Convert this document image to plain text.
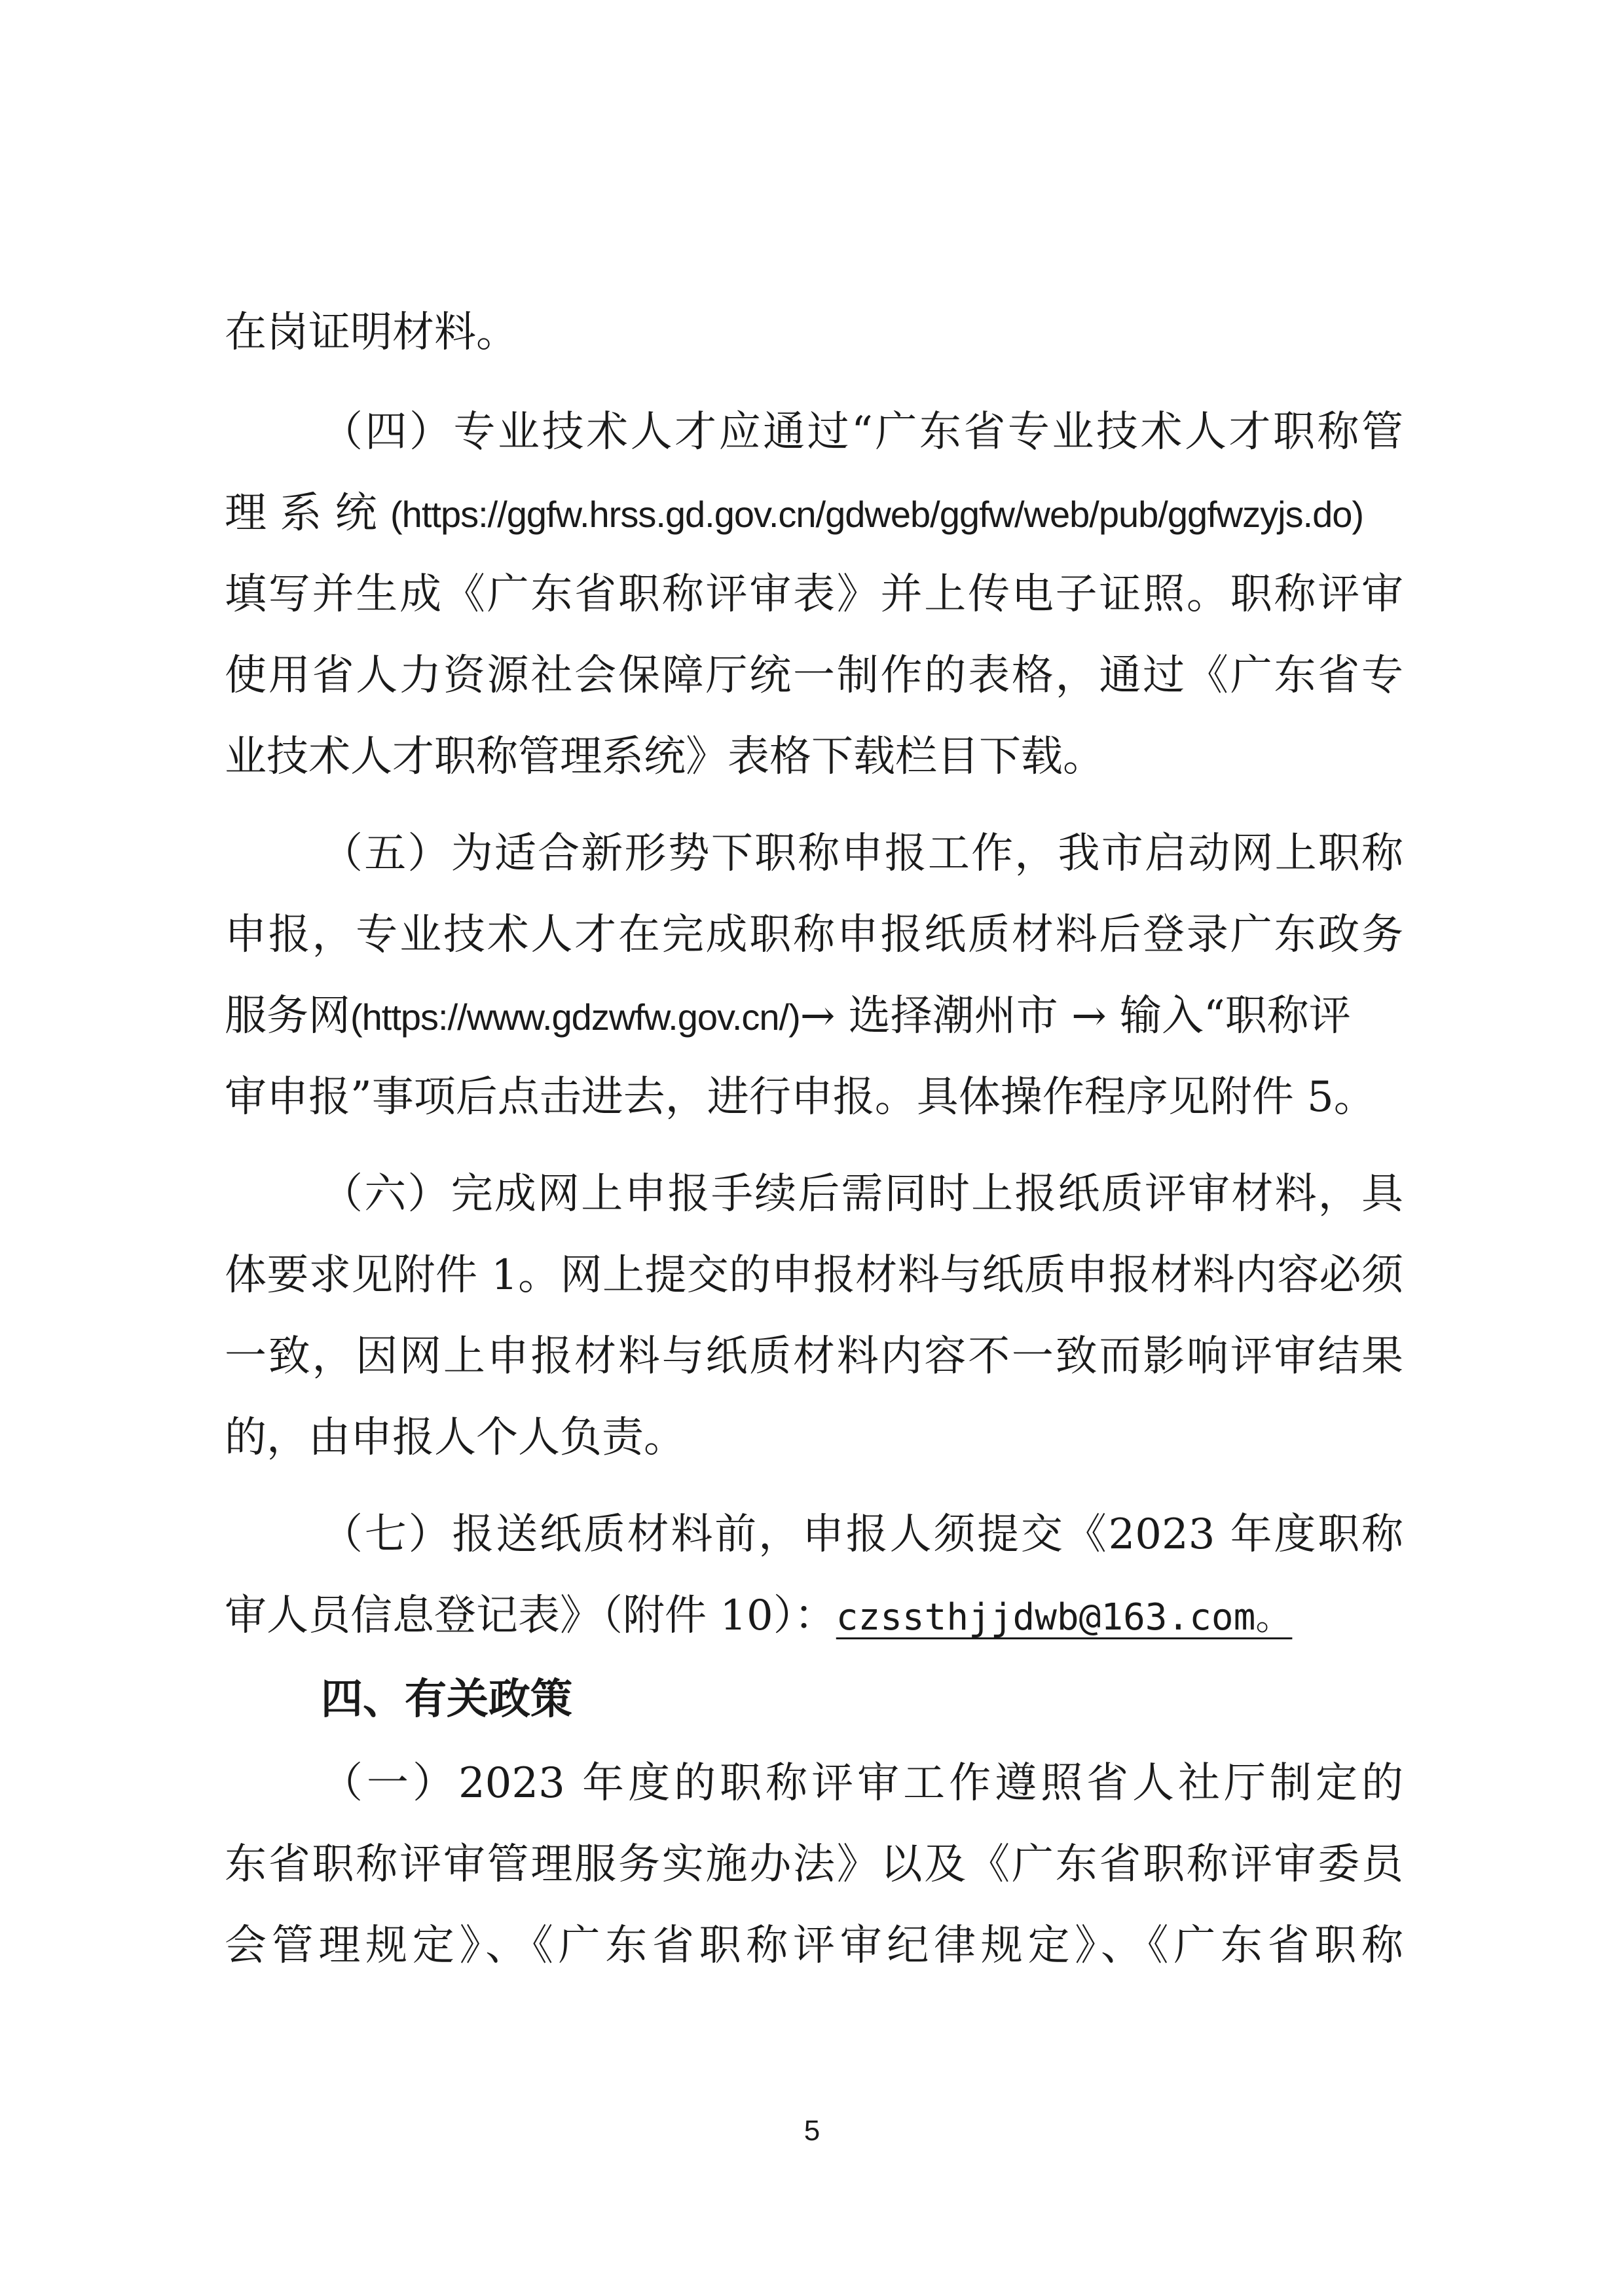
在岗证明材料。
（四）专业技术人才应通过“广东省专业技术人才职称管
理 系 统 (https://ggfw.hrss.gd.gov.cn/gdweb/ggfw/web/pub/ggfwzyjs.do)
填写并生成《广东省职称评审表》并上传电子证照。职称评审
使用省人力资源社会保障厅统一制作的表格，通过《广东省专
业技术人才职称管理系统》表格下载栏目下载。
（五）为适合新形势下职称申报工作，我市启动网上职称
申报，专业技术人才在完成职称申报纸质材料后登录广东政务
服务网(https://www.gdzwfw.gov.cn/)→ 选择潮州市 → 输入“职称评
审申报”事项后点击进去，进行申报。具体操作程序见附件 5。
（六）完成网上申报手续后需同时上报纸质评审材料，具
体要求见附件 1。网上提交的申报材料与纸质申报材料内容必须
一致，因网上申报材料与纸质材料内容不一致而影响评审结果
的，由申报人个人负责。
（七）报送纸质材料前，申报人须提交《2023 年度职称
审人员信息登记表》（附件 10）：czssthjjdwb@163.com。
四、有关政策
（一）2023 年度的职称评审工作遵照省人社厅制定的
东省职称评审管理服务实施办法》以及《广东省职称评审委员
会管理规定》、《广东省职称评审纪律规定》、《广东省职称
5
